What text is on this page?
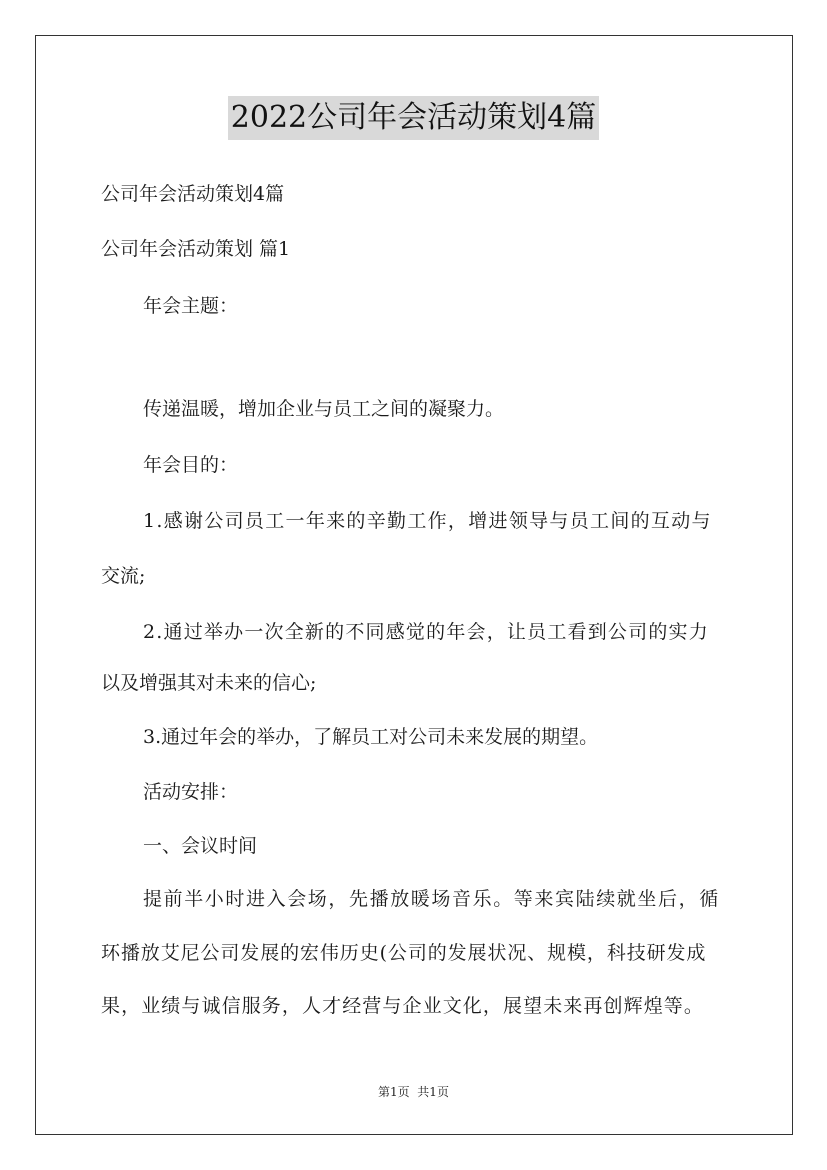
2022公司年会活动策划4篇
公司年会活动策划4篇
公司年会活动策划 篇1
年会主题：
传递温暖，增加企业与员工之间的凝聚力。
年会目的：
1.感谢公司员工一年来的辛勤工作，增进领导与员工间的互动与
交流;
2.通过举办一次全新的不同感觉的年会，让员工看到公司的实力
以及增强其对未来的信心;
3.通过年会的举办，了解员工对公司未来发展的期望。
活动安排：
一、会议时间
提前半小时进入会场，先播放暖场音乐。等来宾陆续就坐后，循
环播放艾尼公司发展的宏伟历史(公司的发展状况、规模，科技研发成
果，业绩与诚信服务，人才经营与企业文化，展望未来再创辉煌等。
第1页  共1页
